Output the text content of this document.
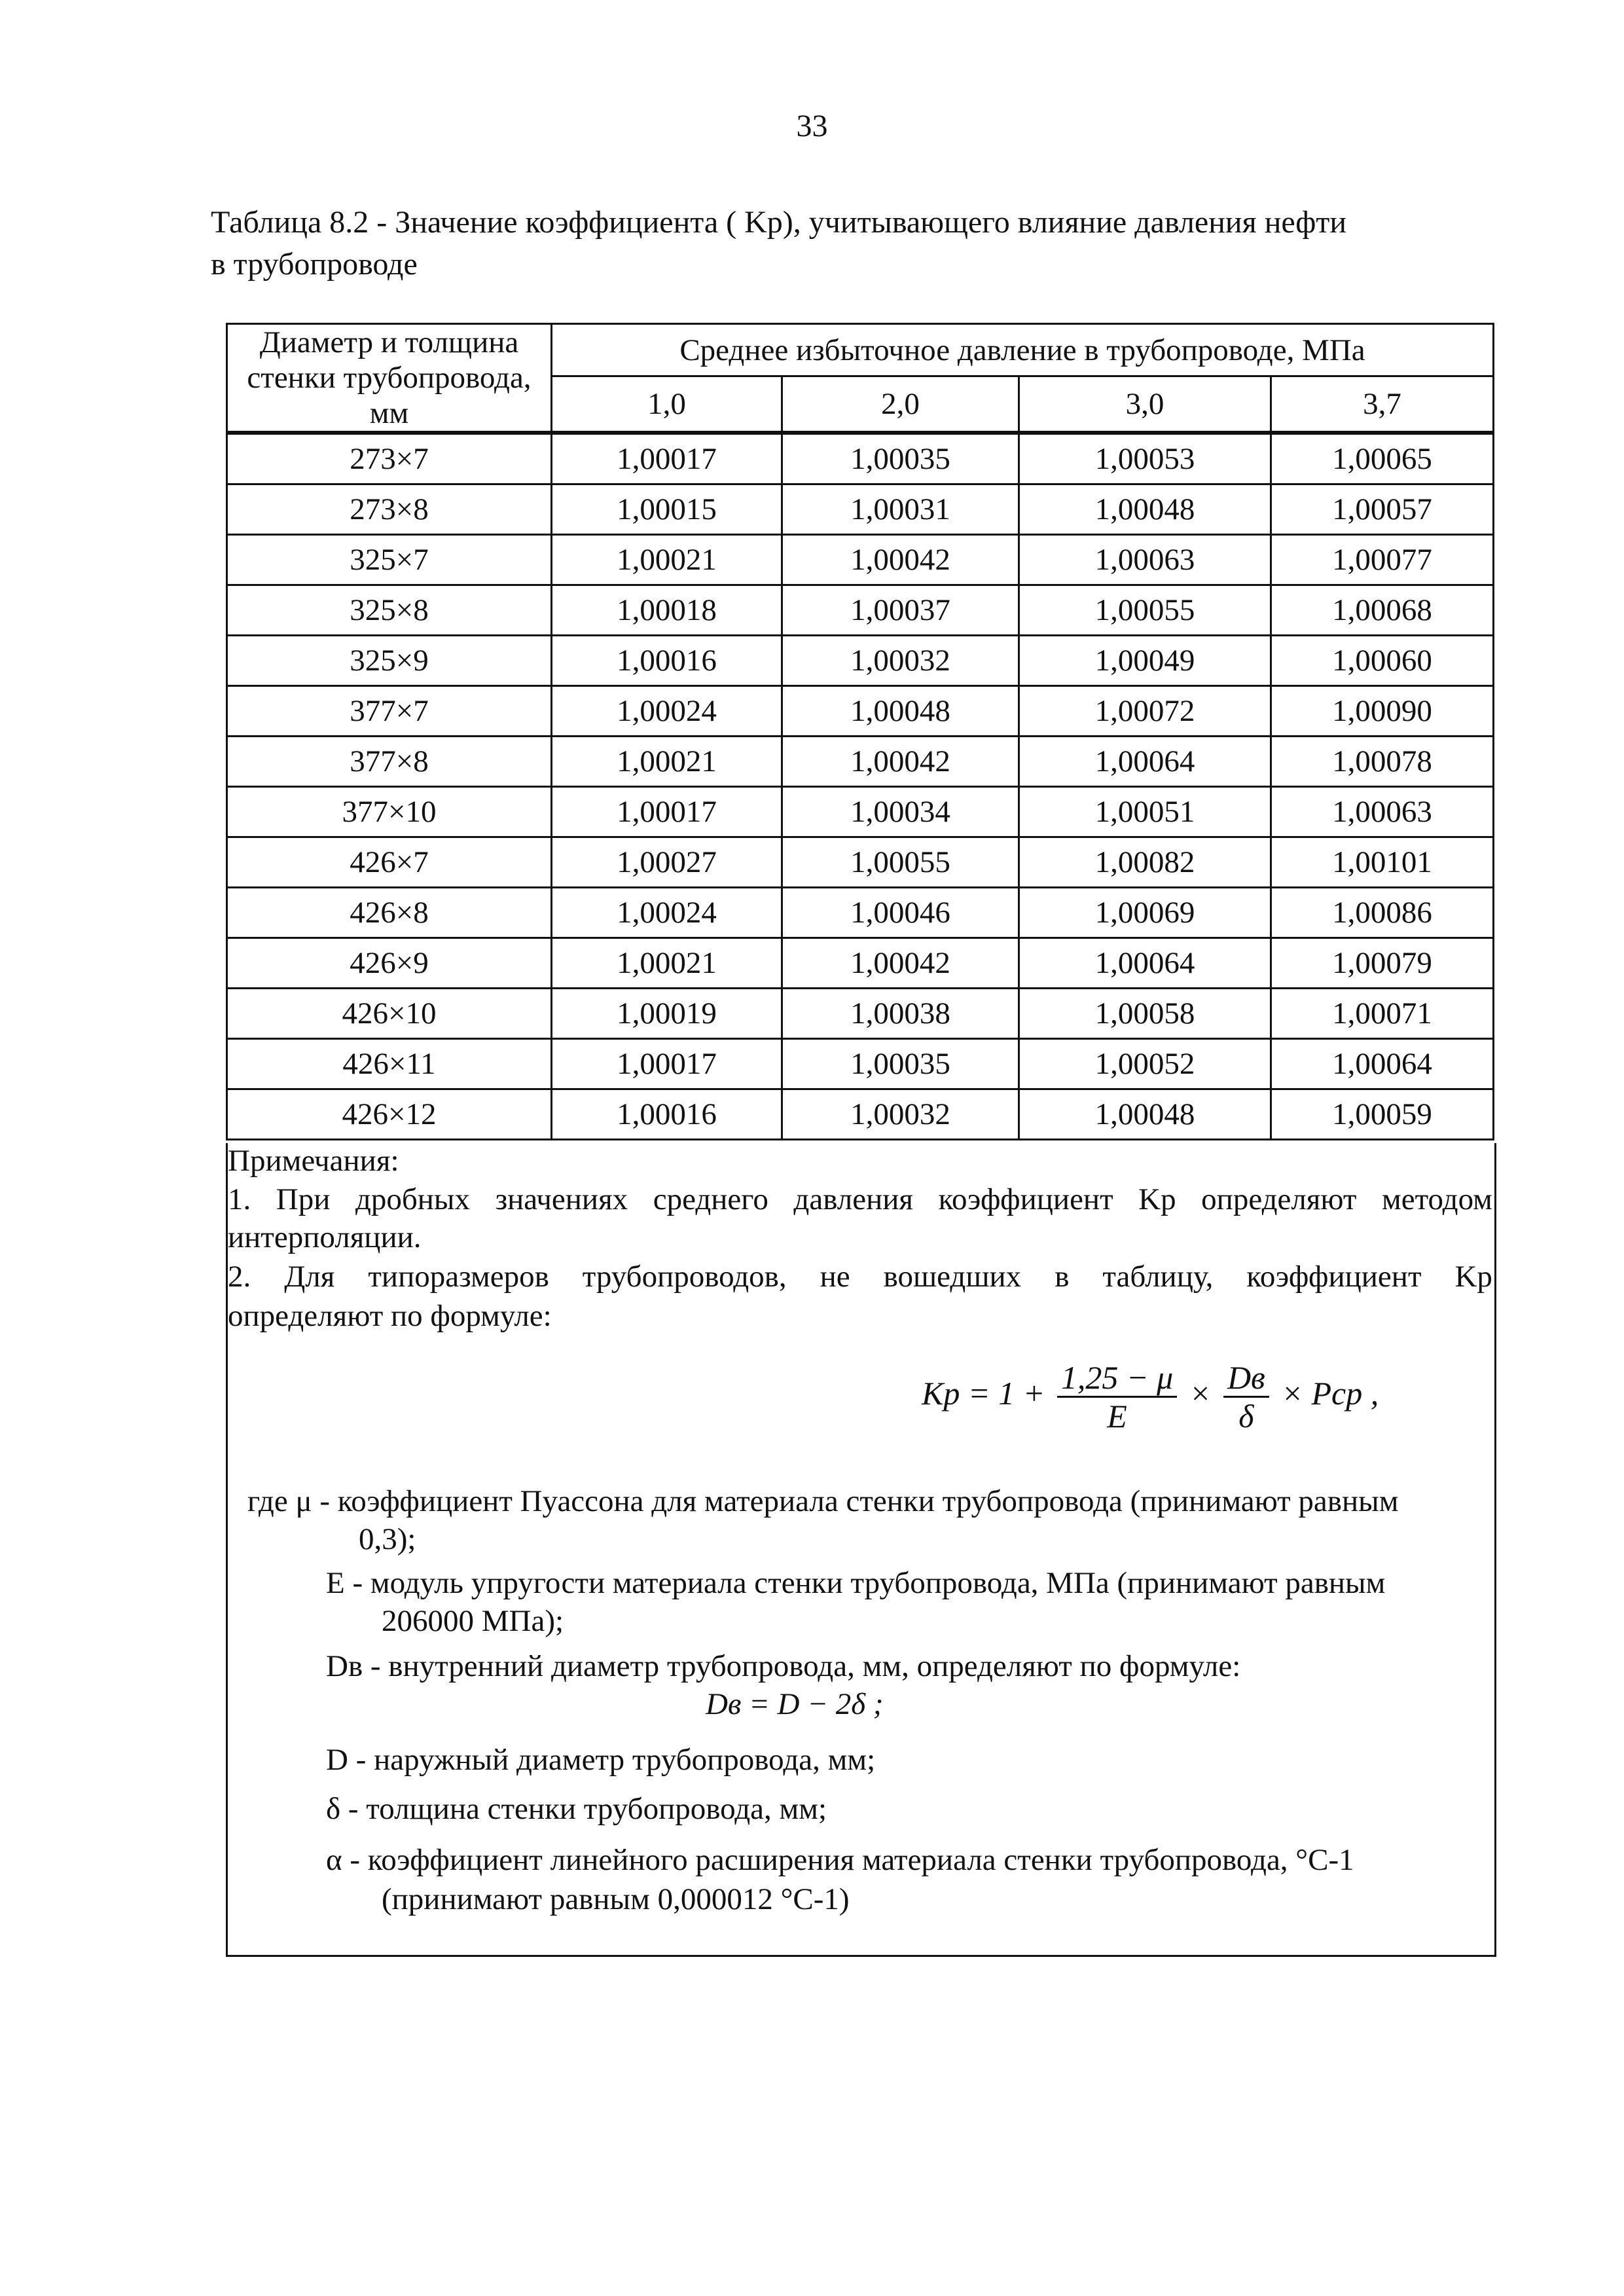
33
Таблица 8.2 - Значение коэффициента ( Kp), учитывающего влияние давления нефти
в трубопроводе
Диаметр и толщина стенки трубопровода, мм	Среднее избыточное давление в трубопроводе, МПа			
	1,0	2,0	3,0	3,7
273×7	1,00017	1,00035	1,00053	1,00065
273×8	1,00015	1,00031	1,00048	1,00057
325×7	1,00021	1,00042	1,00063	1,00077
325×8	1,00018	1,00037	1,00055	1,00068
325×9	1,00016	1,00032	1,00049	1,00060
377×7	1,00024	1,00048	1,00072	1,00090
377×8	1,00021	1,00042	1,00064	1,00078
377×10	1,00017	1,00034	1,00051	1,00063
426×7	1,00027	1,00055	1,00082	1,00101
426×8	1,00024	1,00046	1,00069	1,00086
426×9	1,00021	1,00042	1,00064	1,00079
426×10	1,00019	1,00038	1,00058	1,00071
426×11	1,00017	1,00035	1,00052	1,00064
426×12	1,00016	1,00032	1,00048	1,00059
Примечания:
1. При дробных значениях среднего давления коэффициент Kp определяют методом
интерполяции.
2. Для типоразмеров трубопроводов, не вошедших в таблицу, коэффициент Kp
определяют по формуле:
$Kp = 1 + \frac{1,25 - \mu}{E} \times \frac{Dв}{\delta}$ × Pср ,
где μ - коэффициент Пуассона для материала стенки трубопровода (принимают равным
0,3);
Е - модуль упругости материала стенки трубопровода, МПа (принимают равным
206000 МПа);
Dв - внутренний диаметр трубопровода, мм, определяют по формуле:
Dв = D − 2δ ;
D - наружный диаметр трубопровода, мм;
δ - толщина стенки трубопровода, мм;
α - коэффициент линейного расширения материала стенки трубопровода, °С-1
(принимают равным 0,000012 °С-1)
